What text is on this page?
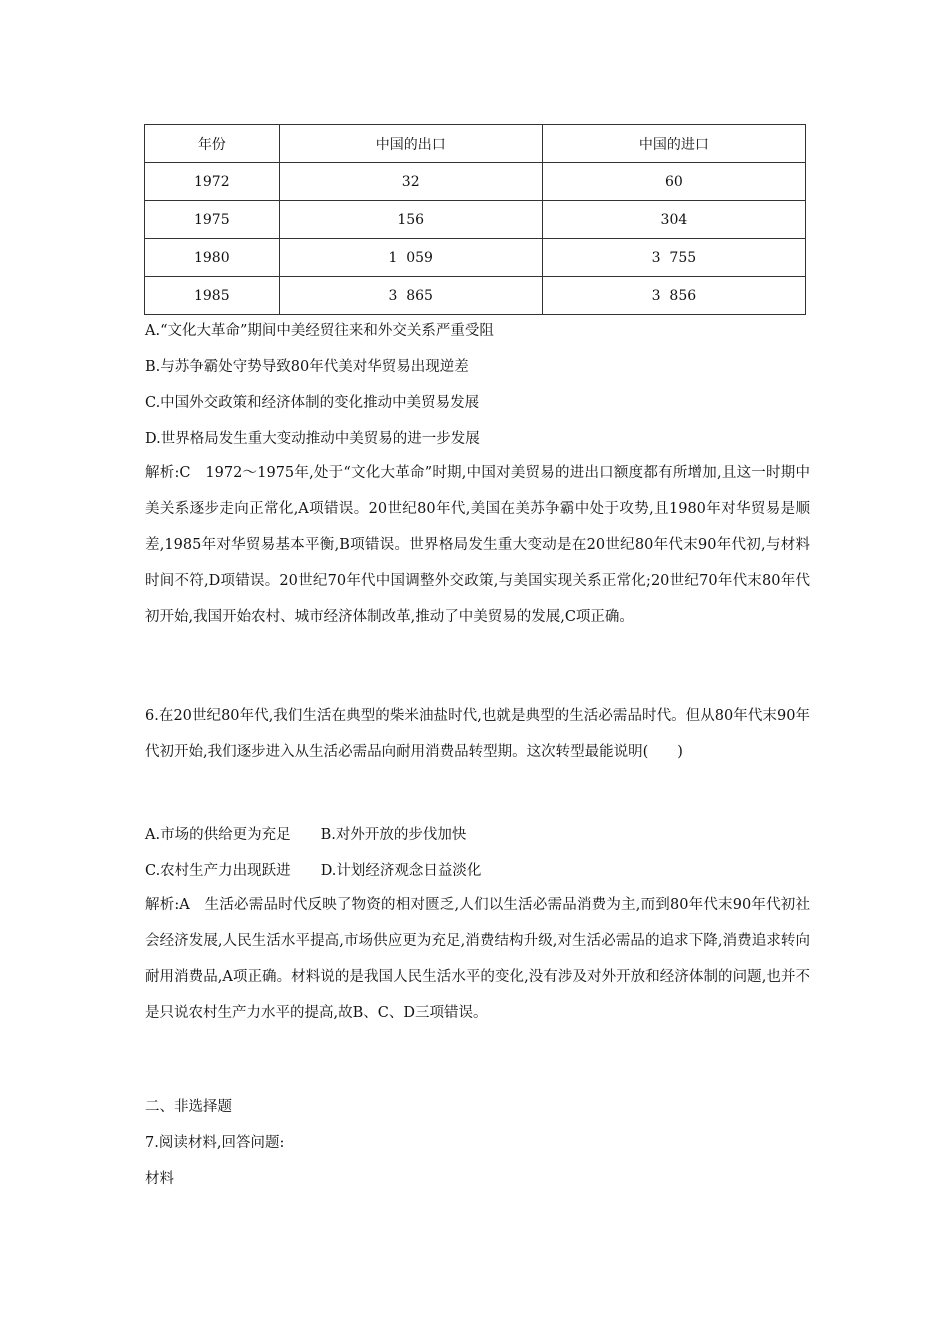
年份	中国的出口	中国的进口
1972	32	60
1975	156	304
1980	1  059	3  755
1985	3  865	3  856
A.“文化大革命”期间中美经贸往来和外交关系严重受阻
B.与苏争霸处守势导致80年代美对华贸易出现逆差
C.中国外交政策和经济体制的变化推动中美贸易发展
D.世界格局发生重大变动推动中美贸易的进一步发展
解析:C　1972～1975年,处于“文化大革命”时期,中国对美贸易的进出口额度都有所增加,且这一时期中美关系逐步走向正常化,A项错误。20世纪80年代,美国在美苏争霸中处于攻势,且1980年对华贸易是顺差,1985年对华贸易基本平衡,B项错误。世界格局发生重大变动是在20世纪80年代末90年代初,与材料时间不符,D项错误。20世纪70年代中国调整外交政策,与美国实现关系正常化;20世纪70年代末80年代初开始,我国开始农村、城市经济体制改革,推动了中美贸易的发展,C项正确。
6.在20世纪80年代,我们生活在典型的柴米油盐时代,也就是典型的生活必需品时代。但从80年代末90年代初开始,我们逐步进入从生活必需品向耐用消费品转型期。这次转型最能说明(　　)
A.市场的供给更为充足 B.对外开放的步伐加快
C.农村生产力出现跃进 D.计划经济观念日益淡化
解析:A　生活必需品时代反映了物资的相对匮乏,人们以生活必需品消费为主,而到80年代末90年代初社会经济发展,人民生活水平提高,市场供应更为充足,消费结构升级,对生活必需品的追求下降,消费追求转向耐用消费品,A项正确。材料说的是我国人民生活水平的变化,没有涉及对外开放和经济体制的问题,也并不是只说农村生产力水平的提高,故B、C、D三项错误。
二、非选择题
7.阅读材料,回答问题:
材料
